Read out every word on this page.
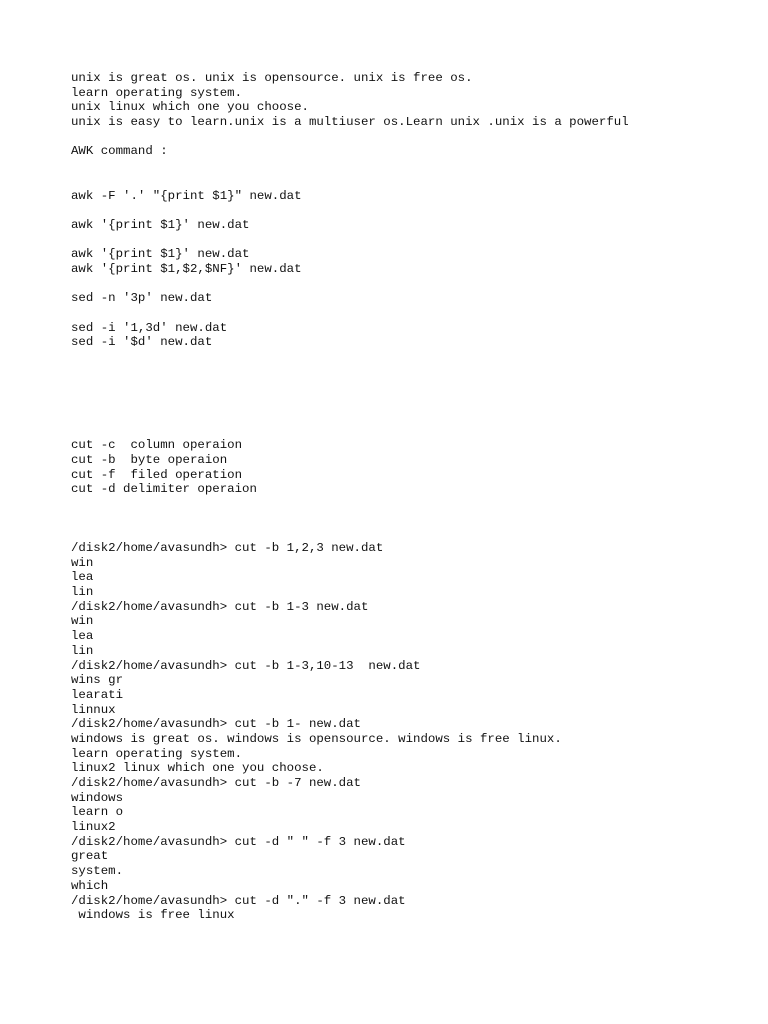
unix is great os. unix is opensource. unix is free os.
learn operating system.
unix linux which one you choose.
unix is easy to learn.unix is a multiuser os.Learn unix .unix is a powerful
AWK command :
awk -F '.' "{print $1}" new.dat
awk '{print $1}' new.dat
awk '{print $1}' new.dat
awk '{print $1,$2,$NF}' new.dat
sed -n '3p' new.dat
sed -i '1,3d' new.dat
sed -i '$d' new.dat
cut -c  column operaion
cut -b  byte operaion
cut -f  filed operation
cut -d delimiter operaion
/disk2/home/avasundh> cut -b 1,2,3 new.dat
win
lea
lin
/disk2/home/avasundh> cut -b 1-3 new.dat
win
lea
lin
/disk2/home/avasundh> cut -b 1-3,10-13  new.dat
wins gr
learati
linnux
/disk2/home/avasundh> cut -b 1- new.dat
windows is great os. windows is opensource. windows is free linux.
learn operating system.
linux2 linux which one you choose.
/disk2/home/avasundh> cut -b -7 new.dat
windows
learn o
linux2
/disk2/home/avasundh> cut -d " " -f 3 new.dat
great
system.
which
/disk2/home/avasundh> cut -d "." -f 3 new.dat
windows is free linux
